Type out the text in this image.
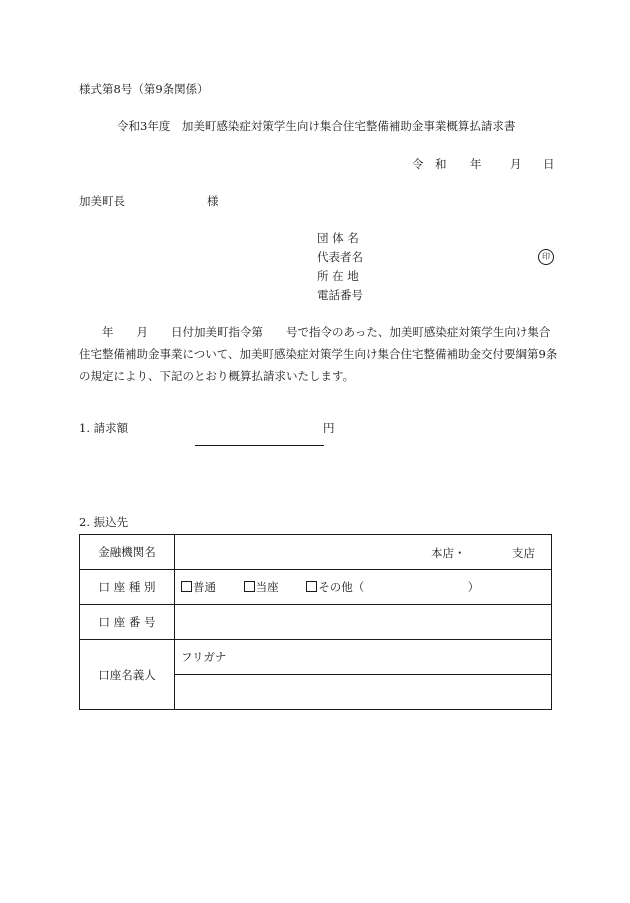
様式第8号（第9条関係）
令和3年度　加美町感染症対策学生向け集合住宅整備補助金事業概算払請求書
令　和 年 月 日
加美町長	様
団 体 名
代表者名	印
所 在 地
電話番号
　　年　　月　　日付加美町指令第　　号で指令のあった、加美町感染症対策学生向け集合住宅整備補助金事業について、加美町感染症対策学生向け集合住宅整備補助金交付要綱第9条の規定により、下記のとおり概算払請求いたします。
1. 請求額	円
2. 振込先
金融機関名	本店・ 支店

口 座 種 別	普通 当座 その他（　　　　　　　　　）
口 座 番 号	
口座名義人	フリガナ
